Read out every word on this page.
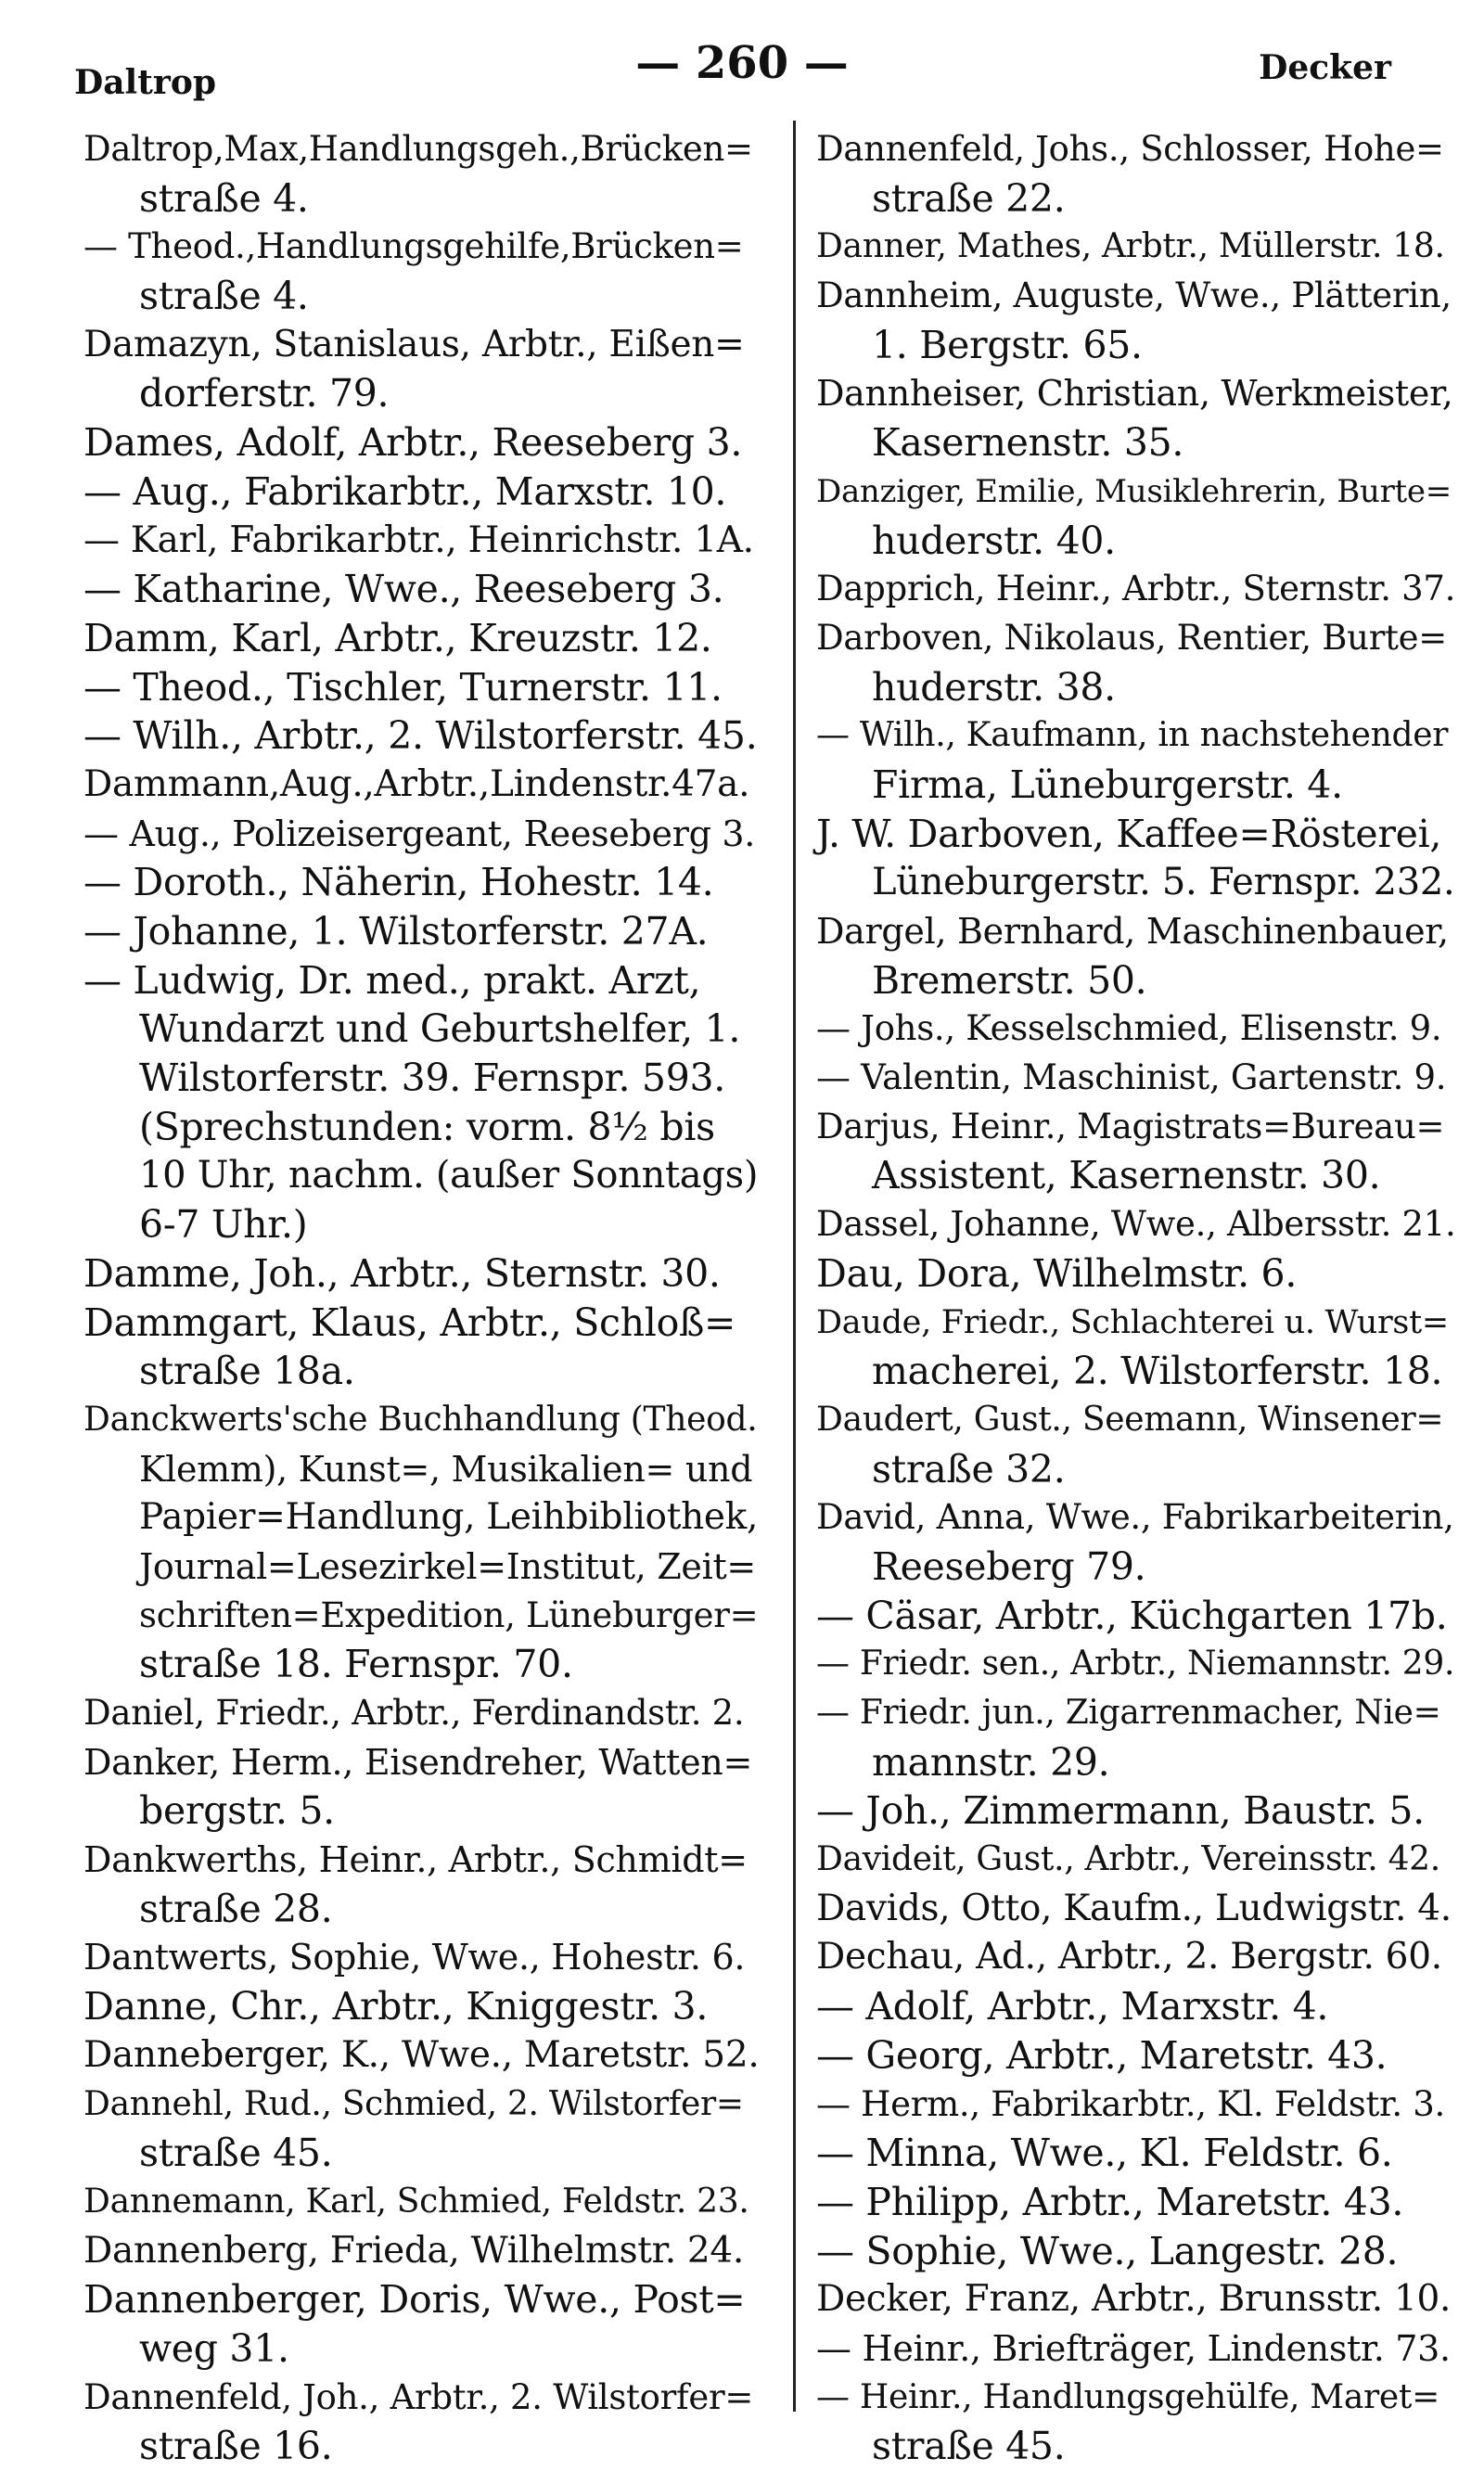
Daltrop	— 260 —	Decker
Daltrop,Max,Handlungsgeh.,Brücken=
straße 4.
— Theod.,Handlungsgehilfe,Brücken=
straße 4.
Damazyn, Stanislaus, Arbtr., Eißen=
dorferstr. 79.
Dames, Adolf, Arbtr., Reeseberg 3.
— Aug., Fabrikarbtr., Marxstr. 10.
— Karl, Fabrikarbtr., Heinrichstr. 1A.
— Katharine, Wwe., Reeseberg 3.
Damm, Karl, Arbtr., Kreuzstr. 12.
— Theod., Tischler, Turnerstr. 11.
— Wilh., Arbtr., 2. Wilstorferstr. 45.
Dammann,Aug.,Arbtr.,Lindenstr.47a.
— Aug., Polizeisergeant, Reeseberg 3.
— Doroth., Näherin, Hohestr. 14.
— Johanne, 1. Wilstorferstr. 27A.
— Ludwig, Dr. med., prakt. Arzt,
Wundarzt und Geburtshelfer, 1.
Wilstorferstr. 39. Fernspr. 593.
(Sprechstunden: vorm. 8½ bis
10 Uhr, nachm. (außer Sonntags)
6-7 Uhr.)
Damme, Joh., Arbtr., Sternstr. 30.
Dammgart, Klaus, Arbtr., Schloß=
straße 18a.
Danckwerts'sche Buchhandlung (Theod.
Klemm), Kunst=, Musikalien= und
Papier=Handlung, Leihbibliothek,
Journal=Lesezirkel=Institut, Zeit=
schriften=Expedition, Lüneburger=
straße 18. Fernspr. 70.
Daniel, Friedr., Arbtr., Ferdinandstr. 2.
Danker, Herm., Eisendreher, Watten=
bergstr. 5.
Dankwerths, Heinr., Arbtr., Schmidt=
straße 28.
Dantwerts, Sophie, Wwe., Hohestr. 6.
Danne, Chr., Arbtr., Kniggestr. 3.
Danneberger, K., Wwe., Maretstr. 52.
Dannehl, Rud., Schmied, 2. Wilstorfer=
straße 45.
Dannemann, Karl, Schmied, Feldstr. 23.
Dannenberg, Frieda, Wilhelmstr. 24.
Dannenberger, Doris, Wwe., Post=
weg 31.
Dannenfeld, Joh., Arbtr., 2. Wilstorfer=
straße 16.
Dannenfeld, Johs., Schlosser, Hohe=
straße 22.
Danner, Mathes, Arbtr., Müllerstr. 18.
Dannheim, Auguste, Wwe., Plätterin,
1. Bergstr. 65.
Dannheiser, Christian, Werkmeister,
Kasernenstr. 35.
Danziger, Emilie, Musiklehrerin, Burte=
huderstr. 40.
Dapprich, Heinr., Arbtr., Sternstr. 37.
Darboven, Nikolaus, Rentier, Burte=
huderstr. 38.
— Wilh., Kaufmann, in nachstehender
Firma, Lüneburgerstr. 4.
J. W. Darboven, Kaffee=Rösterei,
Lüneburgerstr. 5. Fernspr. 232.
Dargel, Bernhard, Maschinenbauer,
Bremerstr. 50.
— Johs., Kesselschmied, Elisenstr. 9.
— Valentin, Maschinist, Gartenstr. 9.
Darjus, Heinr., Magistrats=Bureau=
Assistent, Kasernenstr. 30.
Dassel, Johanne, Wwe., Albersstr. 21.
Dau, Dora, Wilhelmstr. 6.
Daude, Friedr., Schlachterei u. Wurst=
macherei, 2. Wilstorferstr. 18.
Daudert, Gust., Seemann, Winsener=
straße 32.
David, Anna, Wwe., Fabrikarbeiterin,
Reeseberg 79.
— Cäsar, Arbtr., Küchgarten 17b.
— Friedr. sen., Arbtr., Niemannstr. 29.
— Friedr. jun., Zigarrenmacher, Nie=
mannstr. 29.
— Joh., Zimmermann, Baustr. 5.
Davideit, Gust., Arbtr., Vereinsstr. 42.
Davids, Otto, Kaufm., Ludwigstr. 4.
Dechau, Ad., Arbtr., 2. Bergstr. 60.
— Adolf, Arbtr., Marxstr. 4.
— Georg, Arbtr., Maretstr. 43.
— Herm., Fabrikarbtr., Kl. Feldstr. 3.
— Minna, Wwe., Kl. Feldstr. 6.
— Philipp, Arbtr., Maretstr. 43.
— Sophie, Wwe., Langestr. 28.
Decker, Franz, Arbtr., Brunsstr. 10.
— Heinr., Briefträger, Lindenstr. 73.
— Heinr., Handlungsgehülfe, Maret=
straße 45.
